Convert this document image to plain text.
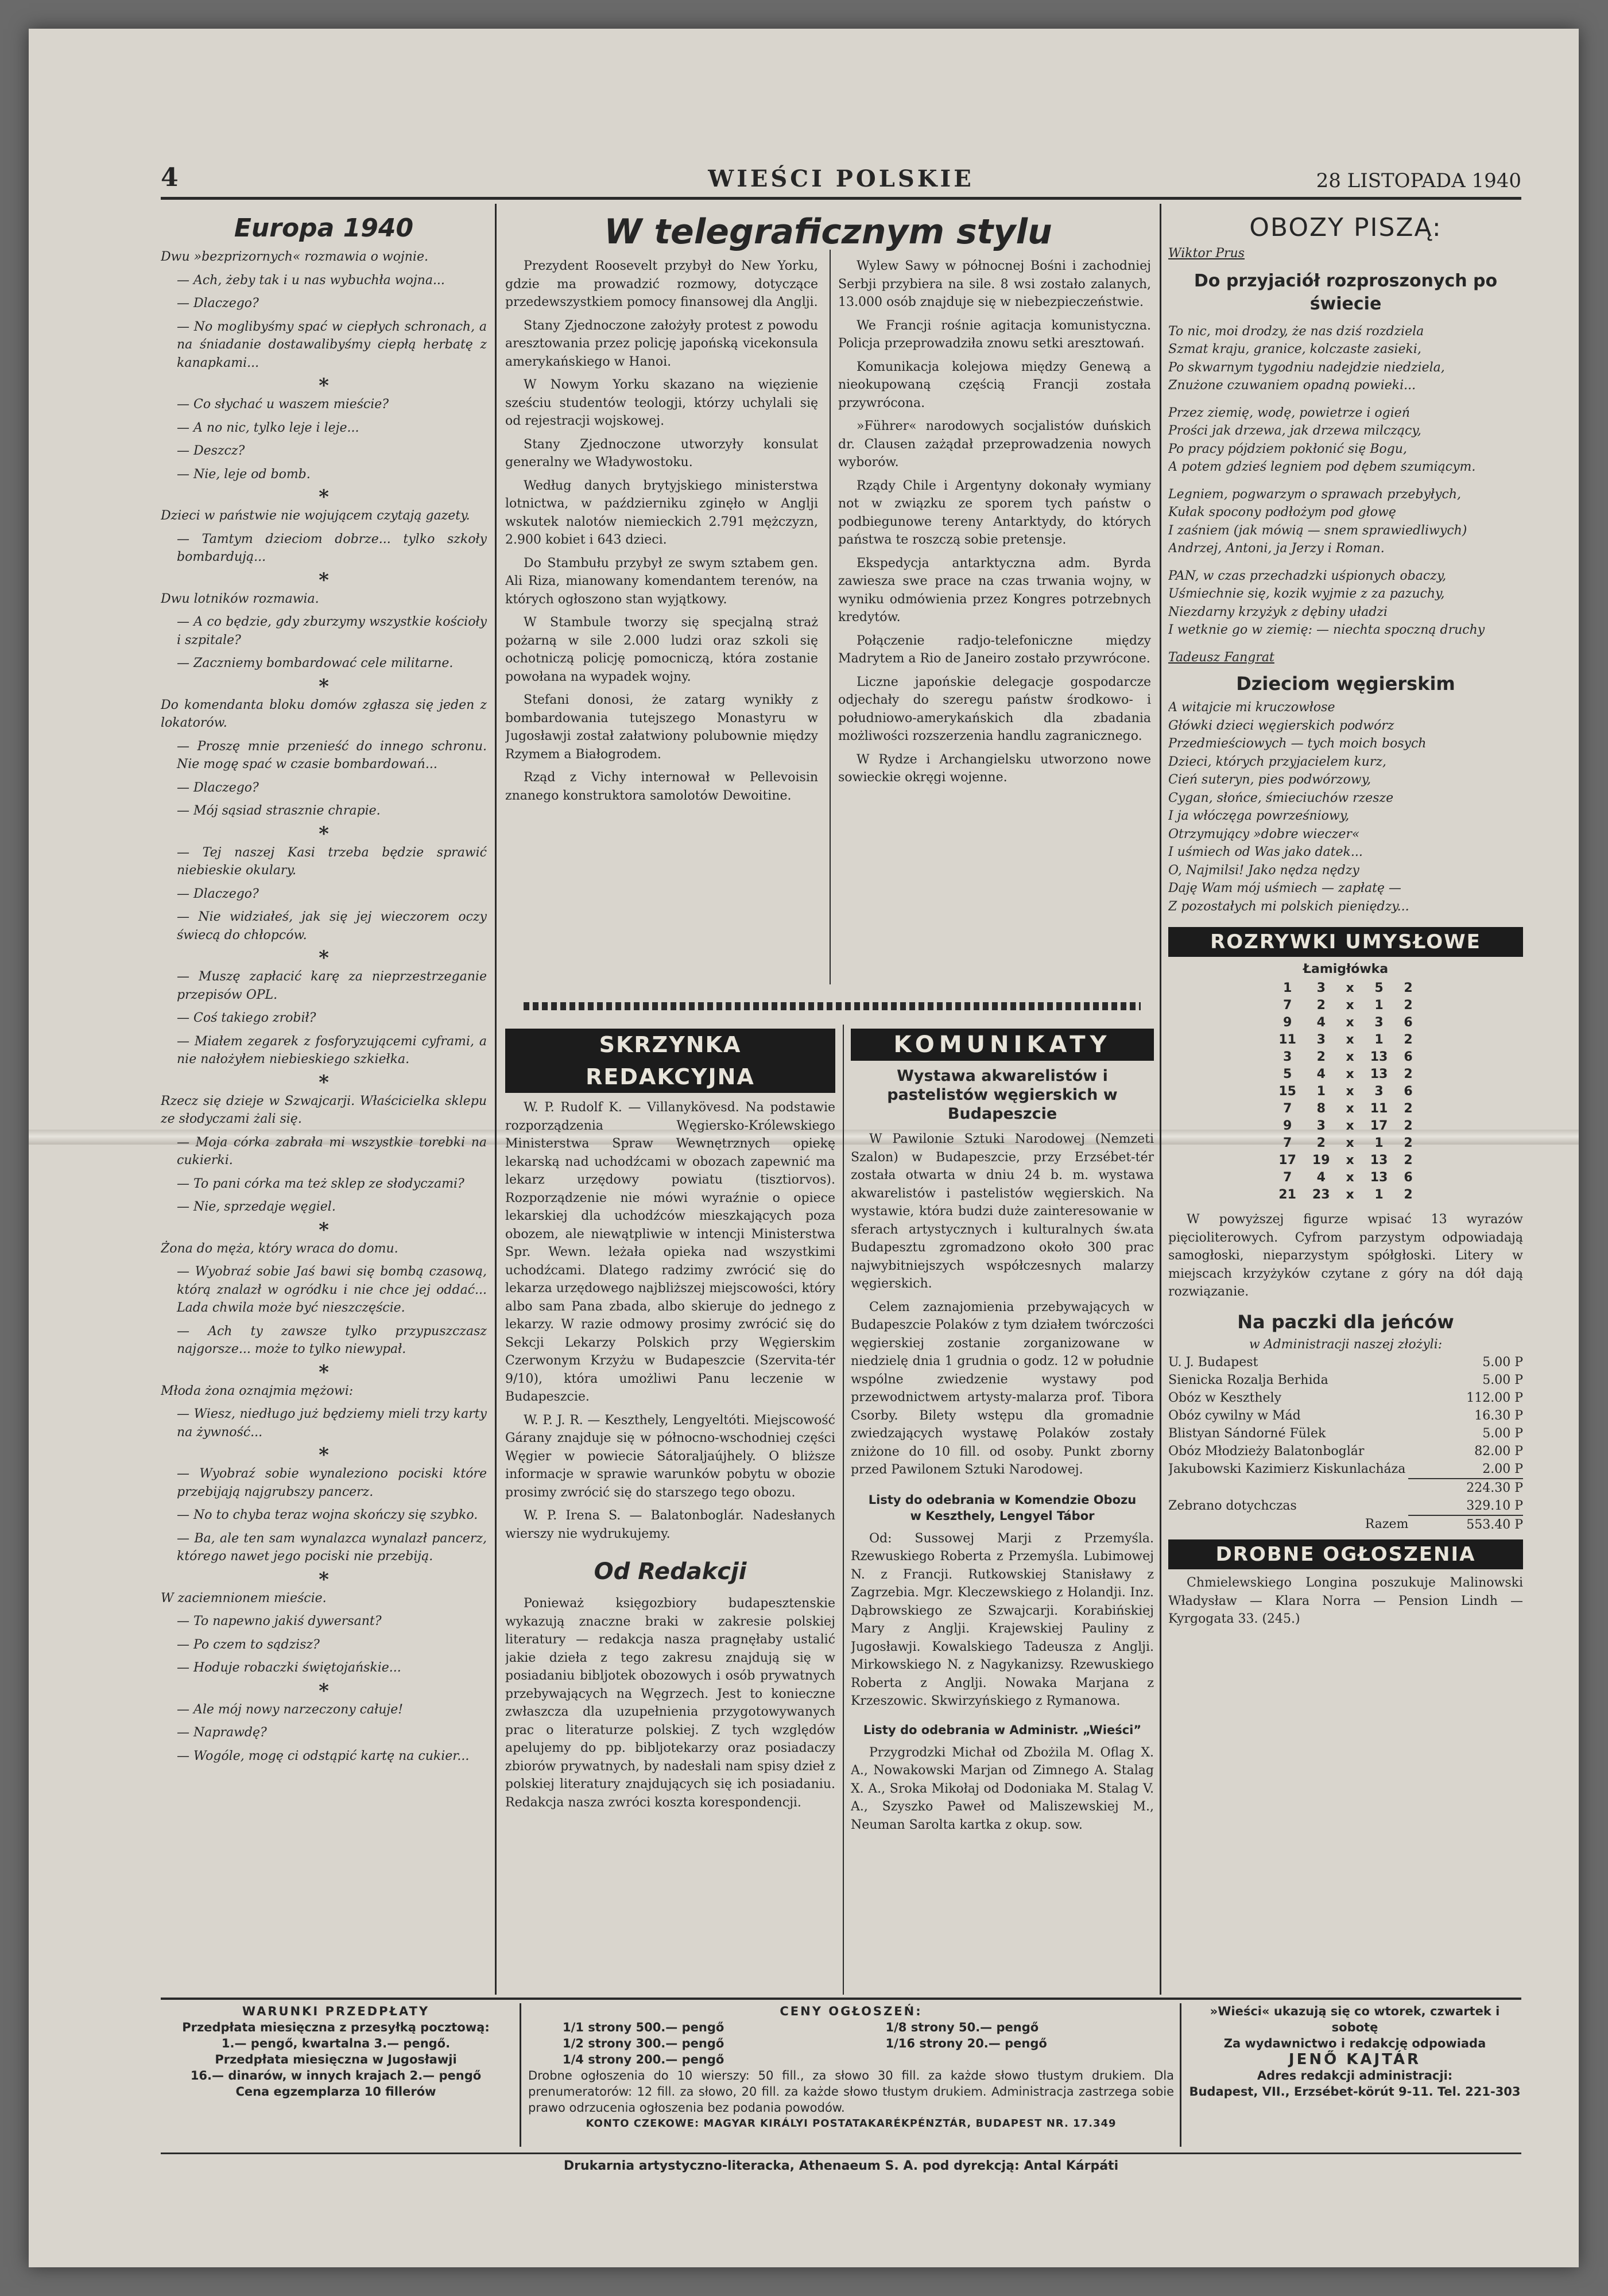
4	WIEŚCI POLSKIE	28 LISTOPADA 1940
Europa 1940

Dwu »bezprizornych« rozmawia o wojnie.

— Ach, żeby tak i u nas wybuchła wojna...

— Dlaczego?

— No moglibyśmy spać w ciepłych schronach, a na śniadanie dostawalibyśmy ciepłą herbatę z kanapkami...

*

— Co słychać u waszem mieście?

— A no nic, tylko leje i leje...

— Deszcz?

— Nie, leje od bomb.

*

Dzieci w państwie nie wojującem czytają gazety.

— Tamtym dzieciom dobrze... tylko szkoły bombardują...

*

Dwu lotników rozmawia.

— A co będzie, gdy zburzymy wszystkie kościoły i szpitale?

— Zaczniemy bombardować cele militarne.

*

Do komendanta bloku domów zgłasza się jeden z lokatorów.

— Proszę mnie przenieść do innego schronu. Nie mogę spać w czasie bombardowań...

— Dlaczego?

— Mój sąsiad strasznie chrapie.

*

— Tej naszej Kasi trzeba będzie sprawić niebieskie okulary.

— Dlaczego?

— Nie widziałeś, jak się jej wieczorem oczy świecą do chłopców.

*

— Muszę zapłacić karę za nieprzestrzeganie przepisów OPL.

— Coś takiego zrobił?

— Miałem zegarek z fosforyzującemi cyframi, a nie nałożyłem niebieskiego szkiełka.

*

Rzecz się dzieje w Szwajcarji. Właścicielka sklepu ze słodyczami żali się.

— Moja córka zabrała mi wszystkie torebki na cukierki.

— To pani córka ma też sklep ze słodyczami?

— Nie, sprzedaje węgiel.

*

Żona do męża, który wraca do domu.

— Wyobraź sobie Jaś bawi się bombą czasową, którą znalazł w ogródku i nie chce jej oddać... Lada chwila może być nieszczęście.

— Ach ty zawsze tylko przypuszczasz najgorsze... może to tylko niewypał.

*

Młoda żona oznajmia mężowi:

— Wiesz, niedługo już będziemy mieli trzy karty na żywność...

*

— Wyobraź sobie wynaleziono pociski które przebijają najgrubszy pancerz.

— No to chyba teraz wojna skończy się szybko.

— Ba, ale ten sam wynalazca wynalazł pancerz, którego nawet jego pociski nie przebiją.

*

W zaciemnionem mieście.

— To napewno jakiś dywersant?

— Po czem to sądzisz?

— Hoduje robaczki świętojańskie...

*

— Ale mój nowy narzeczony całuje!

— Naprawdę?

— Wogóle, mogę ci odstąpić kartę na cukier...

W telegraficznym stylu

Prezydent Roosevelt przybył do New Yorku, gdzie ma prowadzić rozmowy, dotyczące przedewszystkiem pomocy finansowej dla Anglji.

Stany Zjednoczone założyły protest z powodu aresztowania przez policję japońską vicekonsula amerykańskiego w Hanoi.

W Nowym Yorku skazano na więzienie sześciu studentów teologji, którzy uchylali się od rejestracji wojskowej.

Stany Zjednoczone utworzyły konsulat generalny we Władywostoku.

Według danych brytyjskiego ministerstwa lotnictwa, w październiku zginęło w Anglji wskutek nalotów niemieckich 2.791 mężczyzn, 2.900 kobiet i 643 dzieci.

Do Stambułu przybył ze swym sztabem gen. Ali Riza, mianowany komendantem terenów, na których ogłoszono stan wyjątkowy.

W Stambule tworzy się specjalną straż pożarną w sile 2.000 ludzi oraz szkoli się ochotniczą policję pomocniczą, która zostanie powołana na wypadek wojny.

Stefani donosi, że zatarg wynikły z bombardowania tutejszego Monastyru w Jugosławji został załatwiony polubownie między Rzymem a Białogrodem.

Rząd z Vichy internował w Pellevoisin znanego konstruktora samolotów Dewoitine.

Wylew Sawy w północnej Bośni i zachodniej Serbji przybiera na sile. 8 wsi zostało zalanych, 13.000 osób znajduje się w niebezpieczeństwie.

We Francji rośnie agitacja komunistyczna. Policja przeprowadziła znowu setki aresztowań.

Komunikacja kolejowa między Genewą a nieokupowaną częścią Francji została przywrócona.

»Führer« narodowych socjalistów duńskich dr. Clausen zażądał przeprowadzenia nowych wyborów.

Rządy Chile i Argentyny dokonały wymiany not w związku ze sporem tych państw o podbiegunowe tereny Antarktydy, do których państwa te roszczą sobie pretensje.

Ekspedycja antarktyczna adm. Byrda zawiesza swe prace na czas trwania wojny, w wyniku odmówienia przez Kongres potrzebnych kredytów.

Połączenie radjo-telefoniczne między Madrytem a Rio de Janeiro zostało przywrócone.

Liczne japońskie delegacje gospodarcze odjechały do szeregu państw środkowo- i południowo-amerykańskich dla zbadania możliwości rozszerzenia handlu zagranicznego.

W Rydze i Archangielsku utworzono nowe sowieckie okręgi wojenne.

SKRZYNKA REDAKCYJNA

W. P. Rudolf K. — Villanykövesd. Na podstawie rozporządzenia Węgiersko-Królewskiego Ministerstwa Spraw Wewnętrznych opiekę lekarską nad uchodźcami w obozach zapewnić ma lekarz urzędowy powiatu (tisztiorvos). Rozporządzenie nie mówi wyraźnie o opiece lekarskiej dla uchodźców mieszkających poza obozem, ale niewątpliwie w intencji Ministerstwa Spr. Wewn. leżała opieka nad wszystkimi uchodźcami. Dlatego radzimy zwrócić się do lekarza urzędowego najbliższej miejscowości, który albo sam Pana zbada, albo skieruje do jednego z lekarzy. W razie odmowy prosimy zwrócić się do Sekcji Lekarzy Polskich przy Węgierskim Czerwonym Krzyżu w Budapeszcie (Szervita-tér 9/10), która umożliwi Panu leczenie w Budapeszcie.

W. P. J. R. — Keszthely, Lengyeltóti. Miejscowość Gárany znajduje się w północno-wschodniej części Węgier w powiecie Sátoraljaújhely. O bliższe informacje w sprawie warunków pobytu w obozie prosimy zwrócić się do starszego tego obozu.

W. P. Irena S. — Balatonboglár. Nadesłanych wierszy nie wydrukujemy.

Od Redakcji

Ponieważ księgozbiory budapesztenskie wykazują znaczne braki w zakresie polskiej literatury — redakcja nasza pragnęłaby ustalić jakie dzieła z tego zakresu znajdują się w posiadaniu bibljotek obozowych i osób prywatnych przebywających na Węgrzech. Jest to konieczne zwłaszcza dla uzupełnienia przygotowywanych prac o literaturze polskiej. Z tych względów apelujemy do pp. bibljotekarzy oraz posiadaczy zbiorów prywatnych, by nadesłali nam spisy dzieł z polskiej literatury znajdujących się ich posiadaniu. Redakcja nasza zwróci koszta korespondencji.

KOMUNIKATY
Wystawa akwarelistów i pastelistów węgierskich w Budapeszcie

W Pawilonie Sztuki Narodowej (Nemzeti Szalon) w Budapeszcie, przy Erzsébet-tér została otwarta w dniu 24 b. m. wystawa akwarelistów i pastelistów węgierskich. Na wystawie, która budzi duże zainteresowanie w sferach artystycznych i kulturalnych św.ata Budapesztu zgromadzono około 300 prac najwybitniejszych współczesnych malarzy węgierskich.

Celem zaznajomienia przebywających w Budapeszcie Polaków z tym działem twórczości węgierskiej zostanie zorganizowane w niedzielę dnia 1 grudnia o godz. 12 w południe wspólne zwiedzenie wystawy pod przewodnictwem artysty-malarza prof. Tibora Csorby. Bilety wstępu dla gromadnie zwiedzających wystawę Polaków zostały zniżone do 10 fill. od osoby. Punkt zborny przed Pawilonem Sztuki Narodowej.

Listy do odebrania w Komendzie Obozu w Keszthely, Lengyel Tábor

Od: Sussowej Marji z Przemyśla. Rzewuskiego Roberta z Przemyśla. Lubimowej N. z Francji. Rutkowskiej Stanisławy z Zagrzebia. Mgr. Kleczewskiego z Holandji. Inz. Dąbrowskiego ze Szwajcarji. Korabińskiej Mary z Anglji. Krajewskiej Pauliny z Jugosławji. Kowalskiego Tadeusza z Anglji. Mirkowskiego N. z Nagykanizsy. Rzewuskiego Roberta z Anglji. Nowaka Marjana z Krzeszowic. Skwirzyńskiego z Rymanowa.

Listy do odebrania w Administr. „Wieści”

Przygrodzki Michał od Zbożila M. Oflag X. A., Nowakowski Marjan od Zimnego A. Stalag X. A., Sroka Mikołaj od Dodoniaka M. Stalag V. A., Szyszko Paweł od Maliszewskiej M., Neuman Sarolta kartka z okup. sow.

OBOZY PISZĄ:
Wiktor Prus
Do przyjaciół rozproszonych po świecie
To nic, moi drodzy, że nas dziś rozdziela
Szmat kraju, granice, kolczaste zasieki,
Po skwarnym tygodniu nadejdzie niedziela,
Znużone czuwaniem opadną powieki...
Przez ziemię, wodę, powietrze i ogień
Prości jak drzewa, jak drzewa milczący,
Po pracy pójdziem pokłonić się Bogu,
A potem gdzieś legniem pod dębem szumiącym.
Legniem, pogwarzym o sprawach przebyłych,
Kułak spocony podłożym pod głowę
I zaśniem (jak mówią — snem sprawiedliwych)
Andrzej, Antoni, ja Jerzy i Roman.
PAN, w czas przechadzki uśpionych obaczy,
Uśmiechnie się, kozik wyjmie z za pazuchy,
Niezdarny krzyżyk z dębiny uładzi
I wetknie go w ziemię: — niechta spoczną druchy
Tadeusz Fangrat
Dzieciom węgierskim
A witajcie mi kruczowłose
Główki dzieci węgierskich podwórz
Przedmieściowych — tych moich bosych
Dzieci, których przyjacielem kurz,
Cień suteryn, pies podwórzowy,
Cygan, słońce, śmieciuchów rzesze
I ja włóczęga powrześniowy,
Otrzymujący »dobre wieczer«
I uśmiech od Was jako datek...
O, Najmilsi! Jako nędza nędzy
Daję Wam mój uśmiech — zapłatę —
Z pozostałych mi polskich pieniędzy...
ROZRYWKI UMYSŁOWE
Łamigłówka
1	3	x	5	2
7	2	x	1	2
9	4	x	3	6
11	3	x	1	2
3	2	x	13	6
5	4	x	13	2
15	1	x	3	6
7	8	x	11	2
9	3	x	17	2
7	2	x	1	2
17	19	x	13	2
7	4	x	13	6
21	23	x	1	2

W powyższej figurze wpisać 13 wyrazów pięcioliterowych. Cyfrom parzystym odpowiadają samogłoski, nieparzystym spółgłoski. Litery w miejscach krzyżyków czytane z góry na dół dają rozwiązanie.

Na paczki dla jeńców
w Administracji naszej złożyli:
U. J. Budapest	5.00 P
Sienicka Rozalja Berhida	5.00 P
Obóz w Keszthely	112.00 P
Obóz cywilny w Mád	16.30 P
Blistyan Sándorné Fülek	5.00 P
Obóz Młodzieży Balatonboglár	82.00 P
Jakubowski Kazimierz Kiskunlacháza	2.00 P
	224.30 P
Zebrano dotychczas	329.10 P
Razem	553.40 P
DROBNE OGŁOSZENIA

Chmielewskiego Longina poszukuje Malinowski Władysław — Klara Norra — Pension Lindh — Kyrgogata 33. (245.)

WARUNKI PRZEDPŁATY
Przedpłata miesięczna z przesyłką pocztową:
1.— pengő, kwartalna 3.— pengő.
Przedpłata miesięczna w Jugosławji
16.— dinarów, w innych krajach 2.— pengő
Cena egzemplarza 10 fillerów
CENY OGŁOSZEŃ:
1/1 strony 500.— pengő	1/8 strony 50.— pengő
1/2 strony 300.— pengő	1/16 strony 20.— pengő
1/4 strony 200.— pengő	
Drobne ogłoszenia do 10 wierszy: 50 fill., za słowo 30 fill. za każde słowo tłustym drukiem. Dla prenumeratorów: 12 fill. za słowo, 20 fill. za każde słowo tłustym drukiem. Administracja zastrzega sobie prawo odrzucenia ogłoszenia bez podania powodów.
KONTO CZEKOWE: MAGYAR KIRÁLYI POSTATAKARÉKPÉNZTÁR, BUDAPEST NR. 17.349
»Wieści« ukazują się co wtorek, czwartek i sobotę
Za wydawnictwo i redakcję odpowiada
JENŐ KAJTÁR
Adres redakcji administracji:
Budapest, VII., Erzsébet-körút 9-11. Tel. 221-303
Drukarnia artystyczno-literacka, Athenaeum S. A. pod dyrekcją: Antal Kárpáti
